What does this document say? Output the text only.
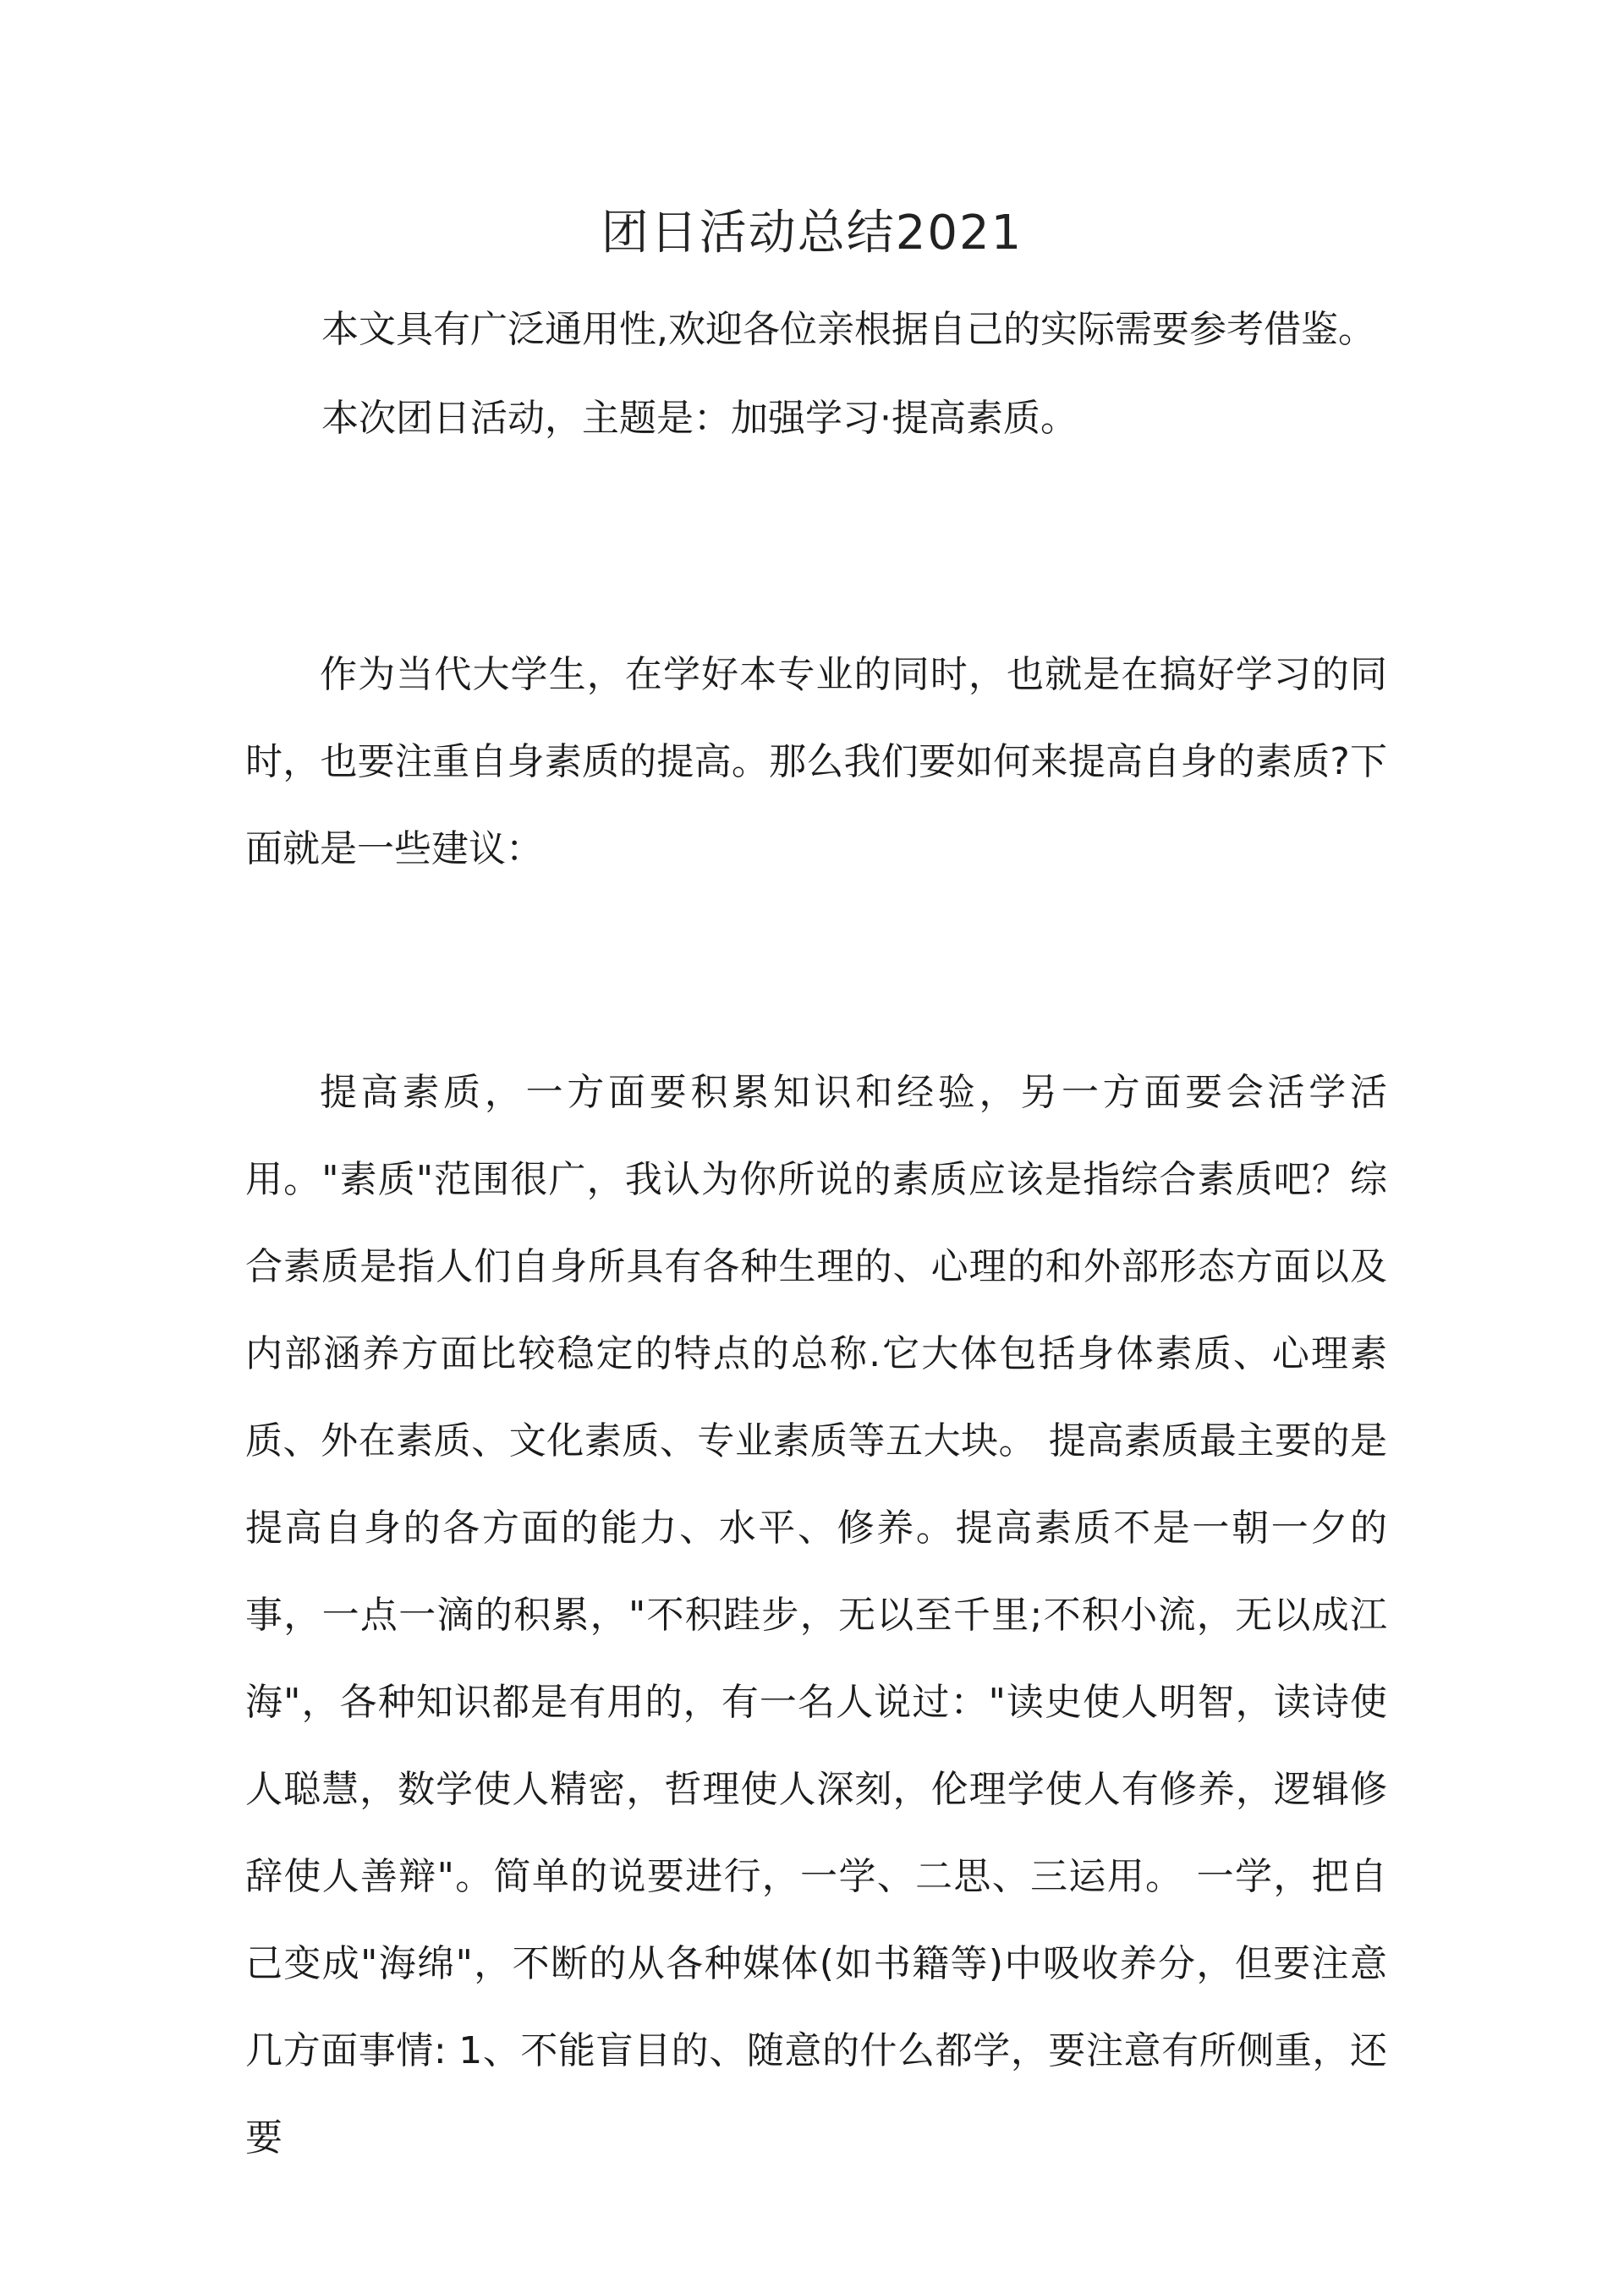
团日活动总结2021
本文具有广泛通用性,欢迎各位亲根据自己的实际需要参考借鉴。
本次团日活动，主题是：加强学习·提高素质。

作为当代大学生，在学好本专业的同时，也就是在搞好学习的同时，也要注重自身素质的提高。那么我们要如何来提高自身的素质?下面就是一些建议：

提高素质，一方面要积累知识和经验，另一方面要会活学活用。"素质"范围很广，我认为你所说的素质应该是指综合素质吧？综合素质是指人们自身所具有各种生理的、心理的和外部形态方面以及内部涵养方面比较稳定的特点的总称.它大体包括身体素质、心理素质、外在素质、文化素质、专业素质等五大块。 提高素质最主要的是提高自身的各方面的能力、水平、修养。提高素质不是一朝一夕的事，一点一滴的积累，"不积跬步，无以至千里;不积小流，无以成江海"，各种知识都是有用的，有一名人说过："读史使人明智，读诗使人聪慧，数学使人精密，哲理使人深刻，伦理学使人有修养，逻辑修辞使人善辩"。简单的说要进行，一学、二思、三运用。 一学，把自己变成"海绵"，不断的从各种媒体(如书籍等)中吸收养分，但要注意几方面事情: 1、不能盲目的、随意的什么都学，要注意有所侧重，还要
